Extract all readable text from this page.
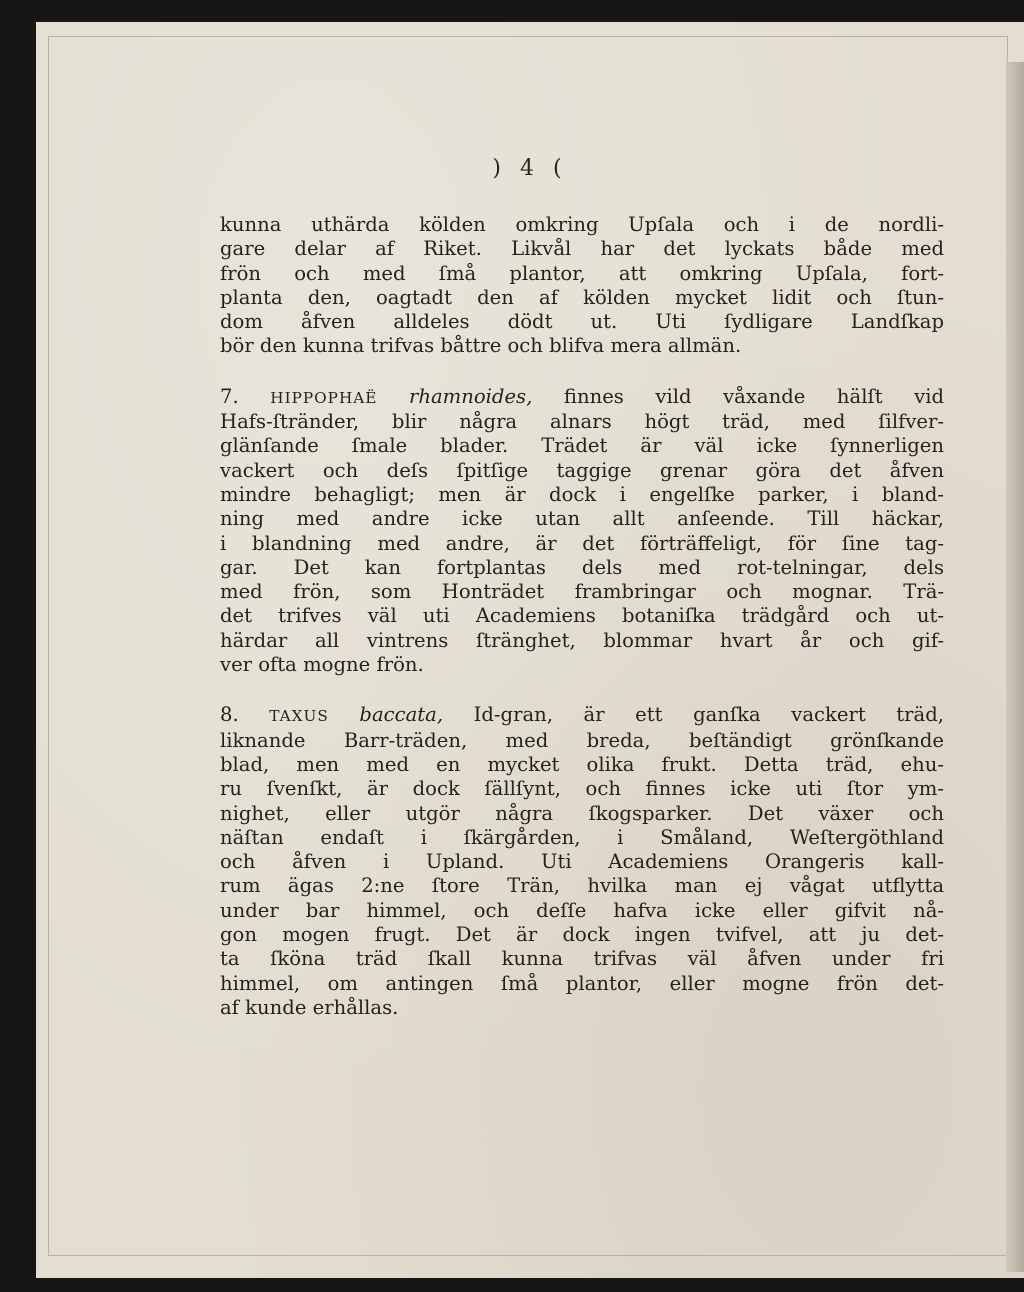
) 4 (

kunna uthärda kölden omkring Upſala och i de nordli-
gare delar af Riket. Likvål har det lyckats både med
frön och med ſmå plantor, att omkring Upſala, fort-
planta den, oagtadt den af kölden mycket lidit och ſtun-
dom åfven alldeles dödt ut. Uti ſydligare Landſkap
bör den kunna trifvas båttre och blifva mera allmän.

7. HIPPOPHAË rhamnoides, finnes vild våxande hälſt vid
Hafs-ſtränder, blir några alnars högt träd, med ſilfver-
glänſande ſmale blader. Trädet är väl icke ſynnerligen
vackert och deſs ſpitſige taggige grenar göra det åfven
mindre behagligt; men är dock i engelſke parker, i bland-
ning med andre icke utan allt anſeende. Till häckar,
i blandning med andre, är det förträffeligt, för ſine tag-
gar. Det kan fortplantas dels med rot-telningar, dels
med frön, som Honträdet frambringar och mognar. Trä-
det trifves väl uti Academiens botaniſka trädgård och ut-
härdar all vintrens ſtränghet, blommar hvart år och gif-
ver ofta mogne frön.

8. TAXUS baccata, Id-gran, är ett ganſka vackert träd,
liknande Barr-träden, med breda, beſtändigt grönſkande
blad, men med en mycket olika frukt. Detta träd, ehu-
ru ſvenſkt, är dock ſällſynt, och finnes icke uti ſtor ym-
nighet, eller utgör några ſkogsparker. Det växer och
näſtan endaſt i ſkärgården, i Småland, Weſtergöthland
och åfven i Upland. Uti Academiens Orangeris kall-
rum ägas 2:ne ſtore Trän, hvilka man ej vågat utflytta
under bar himmel, och deſſe hafva icke eller gifvit nå-
gon mogen frugt. Det är dock ingen tvifvel, att ju det-
ta ſköna träd ſkall kunna trifvas väl åfven under fri
himmel, om antingen ſmå plantor, eller mogne frön det-
af kunde erhållas.
